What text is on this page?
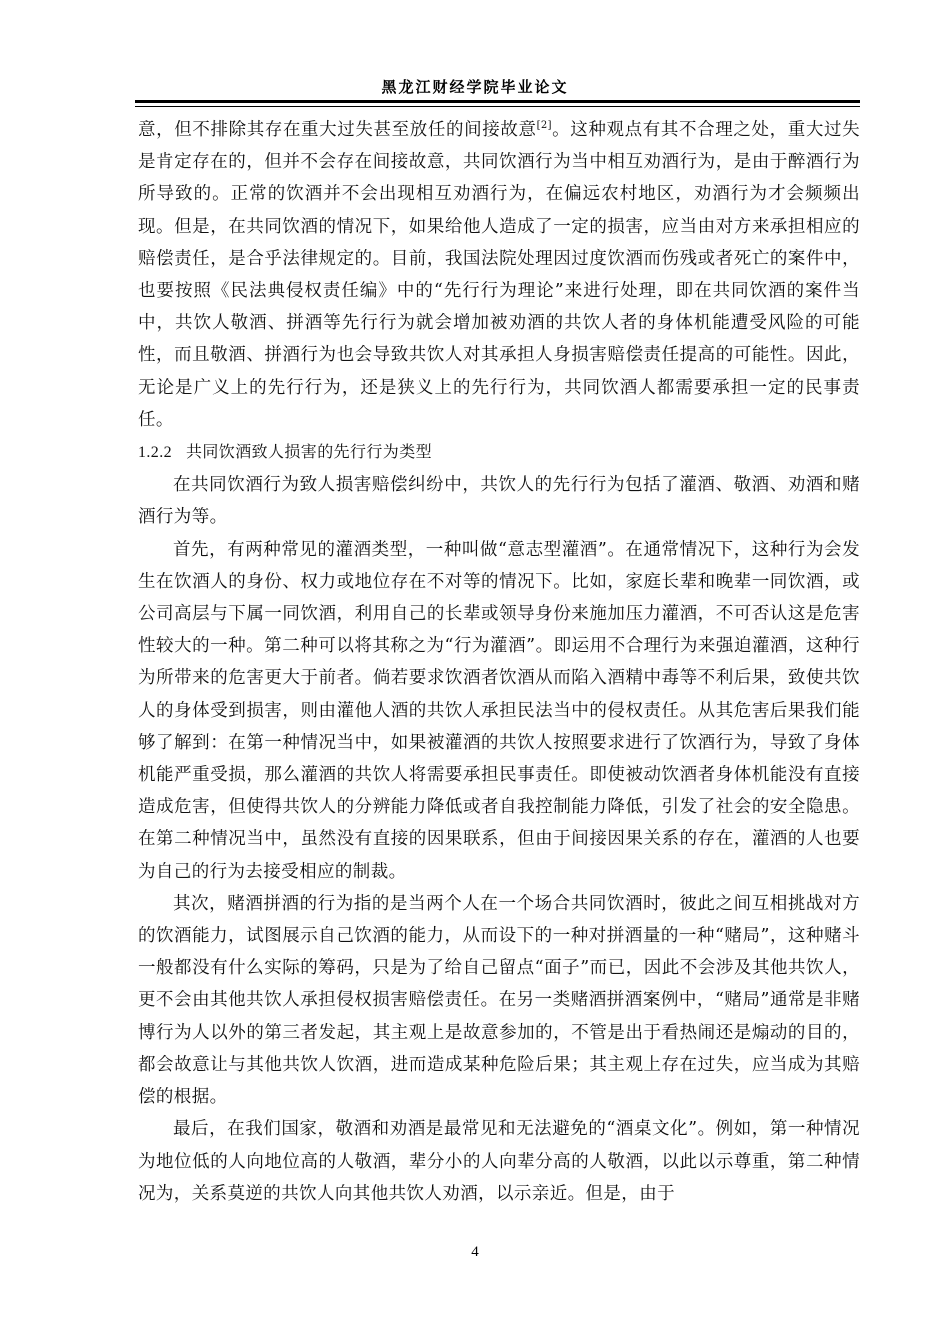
黑龙江财经学院毕业论文

意，但不排除其存在重大过失甚至放任的间接故意[2]。这种观点有其不合理之处，重大过失是肯定存在的，但并不会存在间接故意，共同饮酒行为当中相互劝酒行为，是由于醉酒行为所导致的。正常的饮酒并不会出现相互劝酒行为，在偏远农村地区，劝酒行为才会频频出现。但是，在共同饮酒的情况下，如果给他人造成了一定的损害，应当由对方来承担相应的赔偿责任，是合乎法律规定的。目前，我国法院处理因过度饮酒而伤残或者死亡的案件中，也要按照《民法典侵权责任编》中的“先行行为理论”来进行处理，即在共同饮酒的案件当中，共饮人敬酒、拼酒等先行行为就会增加被劝酒的共饮人者的身体机能遭受风险的可能性，而且敬酒、拼酒行为也会导致共饮人对其承担人身损害赔偿责任提高的可能性。因此，无论是广义上的先行行为，还是狭义上的先行行为，共同饮酒人都需要承担一定的民事责任。

1.2.2 共同饮酒致人损害的先行行为类型

在共同饮酒行为致人损害赔偿纠纷中，共饮人的先行行为包括了灌酒、敬酒、劝酒和赌酒行为等。

首先，有两种常见的灌酒类型，一种叫做“意志型灌酒”。在通常情况下，这种行为会发生在饮酒人的身份、权力或地位存在不对等的情况下。比如，家庭长辈和晚辈一同饮酒，或公司高层与下属一同饮酒，利用自己的长辈或领导身份来施加压力灌酒，不可否认这是危害性较大的一种。第二种可以将其称之为“行为灌酒”。即运用不合理行为来强迫灌酒，这种行为所带来的危害更大于前者。倘若要求饮酒者饮酒从而陷入酒精中毒等不利后果，致使共饮人的身体受到损害，则由灌他人酒的共饮人承担民法当中的侵权责任。从其危害后果我们能够了解到：在第一种情况当中，如果被灌酒的共饮人按照要求进行了饮酒行为，导致了身体机能严重受损，那么灌酒的共饮人将需要承担民事责任。即使被动饮酒者身体机能没有直接造成危害，但使得共饮人的分辨能力降低或者自我控制能力降低，引发了社会的安全隐患。在第二种情况当中，虽然没有直接的因果联系，但由于间接因果关系的存在，灌酒的人也要为自己的行为去接受相应的制裁。

其次，赌酒拼酒的行为指的是当两个人在一个场合共同饮酒时，彼此之间互相挑战对方的饮酒能力，试图展示自己饮酒的能力，从而设下的一种对拼酒量的一种“赌局”，这种赌斗一般都没有什么实际的筹码，只是为了给自己留点“面子”而已，因此不会涉及其他共饮人，更不会由其他共饮人承担侵权损害赔偿责任。在另一类赌酒拼酒案例中，“赌局”通常是非赌博行为人以外的第三者发起，其主观上是故意参加的，不管是出于看热闹还是煽动的目的，都会故意让与其他共饮人饮酒，进而造成某种危险后果；其主观上存在过失，应当成为其赔偿的根据。

最后，在我们国家，敬酒和劝酒是最常见和无法避免的“酒桌文化”。例如，第一种情况为地位低的人向地位高的人敬酒，辈分小的人向辈分高的人敬酒，以此以示尊重，第二种情况为，关系莫逆的共饮人向其他共饮人劝酒，以示亲近。但是，由于

4
